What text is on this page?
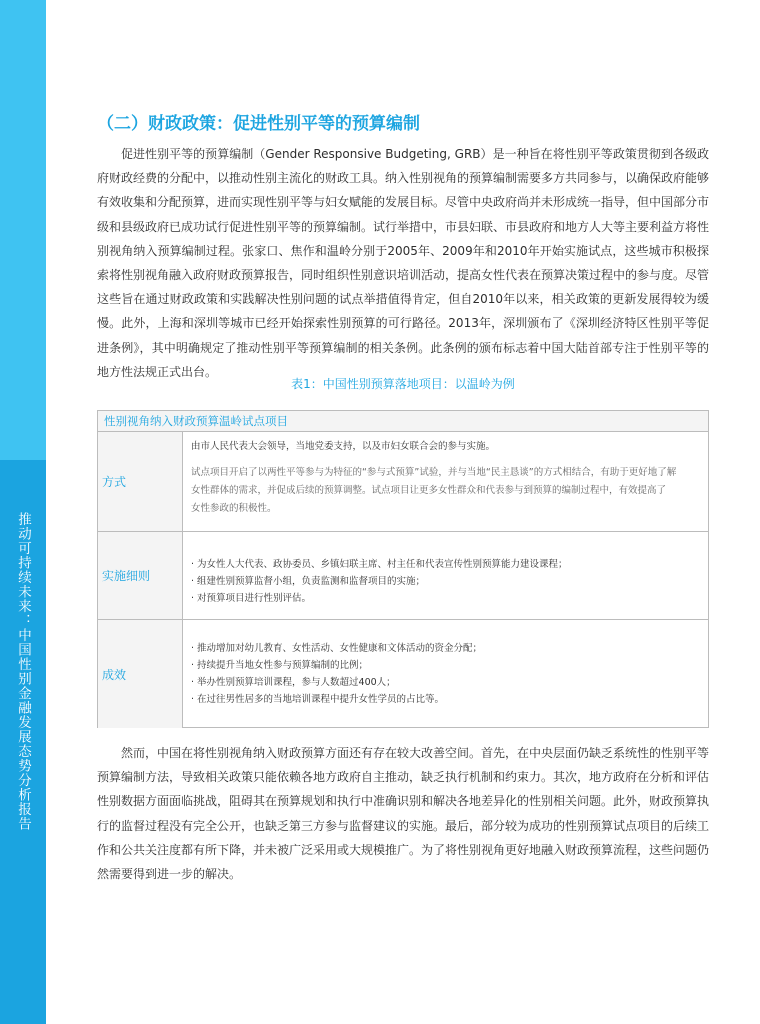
推动可持续未来：中国性别金融发展态势分析报告
（二）财政政策：促进性别平等的预算编制

促进性别平等的预算编制（Gender Responsive Budgeting, GRB）是一种旨在将性别平等政策贯彻到各级政府财政经费的分配中，以推动性别主流化的财政工具。纳入性别视角的预算编制需要多方共同参与，以确保政府能够有效收集和分配预算，进而实现性别平等与妇女赋能的发展目标。尽管中央政府尚并未形成统一指导，但中国部分市级和县级政府已成功试行促进性别平等的预算编制。试行举措中，市县妇联、市县政府和地方人大等主要利益方将性别视角纳入预算编制过程。张家口、焦作和温岭分别于2005年、2009年和2010年开始实施试点，这些城市积极探索将性别视角融入政府财政预算报告，同时组织性别意识培训活动，提高女性代表在预算决策过程中的参与度。尽管这些旨在通过财政政策和实践解决性别问题的试点举措值得肯定，但自2010年以来，相关政策的更新发展得较为缓慢。此外，上海和深圳等城市已经开始探索性别预算的可行路径。2013年，深圳颁布了《深圳经济特区性别平等促进条例》，其中明确规定了推动性别平等预算编制的相关条例。此条例的颁布标志着中国大陆首部专注于性别平等的地方性法规正式出台。

表1：中国性别预算落地项目：以温岭为例
性别视角纳入财政预算温岭试点项目
方式

由市人民代表大会领导，当地党委支持，以及市妇女联合会的参与实施。

试点项目开启了以两性平等参与为特征的“参与式预算”试验，并与当地“民主恳谈”的方式相结合，有助于更好地了解

女性群体的需求，并促成后续的预算调整。试点项目让更多女性群众和代表参与到预算的编制过程中，有效提高了

女性参政的积极性。

实施细则

· 为女性人大代表、政协委员、乡镇妇联主席、村主任和代表宣传性别预算能力建设课程；

· 组建性别预算监督小组，负责监测和监督项目的实施；

· 对预算项目进行性别评估。

成效

· 推动增加对幼儿教育、女性活动、女性健康和文体活动的资金分配；

· 持续提升当地女性参与预算编制的比例；

· 举办性别预算培训课程，参与人数超过400人；

· 在过往男性居多的当地培训课程中提升女性学员的占比等。

然而，中国在将性别视角纳入财政预算方面还有存在较大改善空间。首先，在中央层面仍缺乏系统性的性别平等预算编制方法，导致相关政策只能依赖各地方政府自主推动，缺乏执行机制和约束力。其次，地方政府在分析和评估性别数据方面面临挑战，阻碍其在预算规划和执行中准确识别和解决各地差异化的性别相关问题。此外，财政预算执行的监督过程没有完全公开，也缺乏第三方参与监督建议的实施。最后，部分较为成功的性别预算试点项目的后续工作和公共关注度都有所下降，并未被广泛采用或大规模推广。为了将性别视角更好地融入财政预算流程，这些问题仍然需要得到进一步的解决。
